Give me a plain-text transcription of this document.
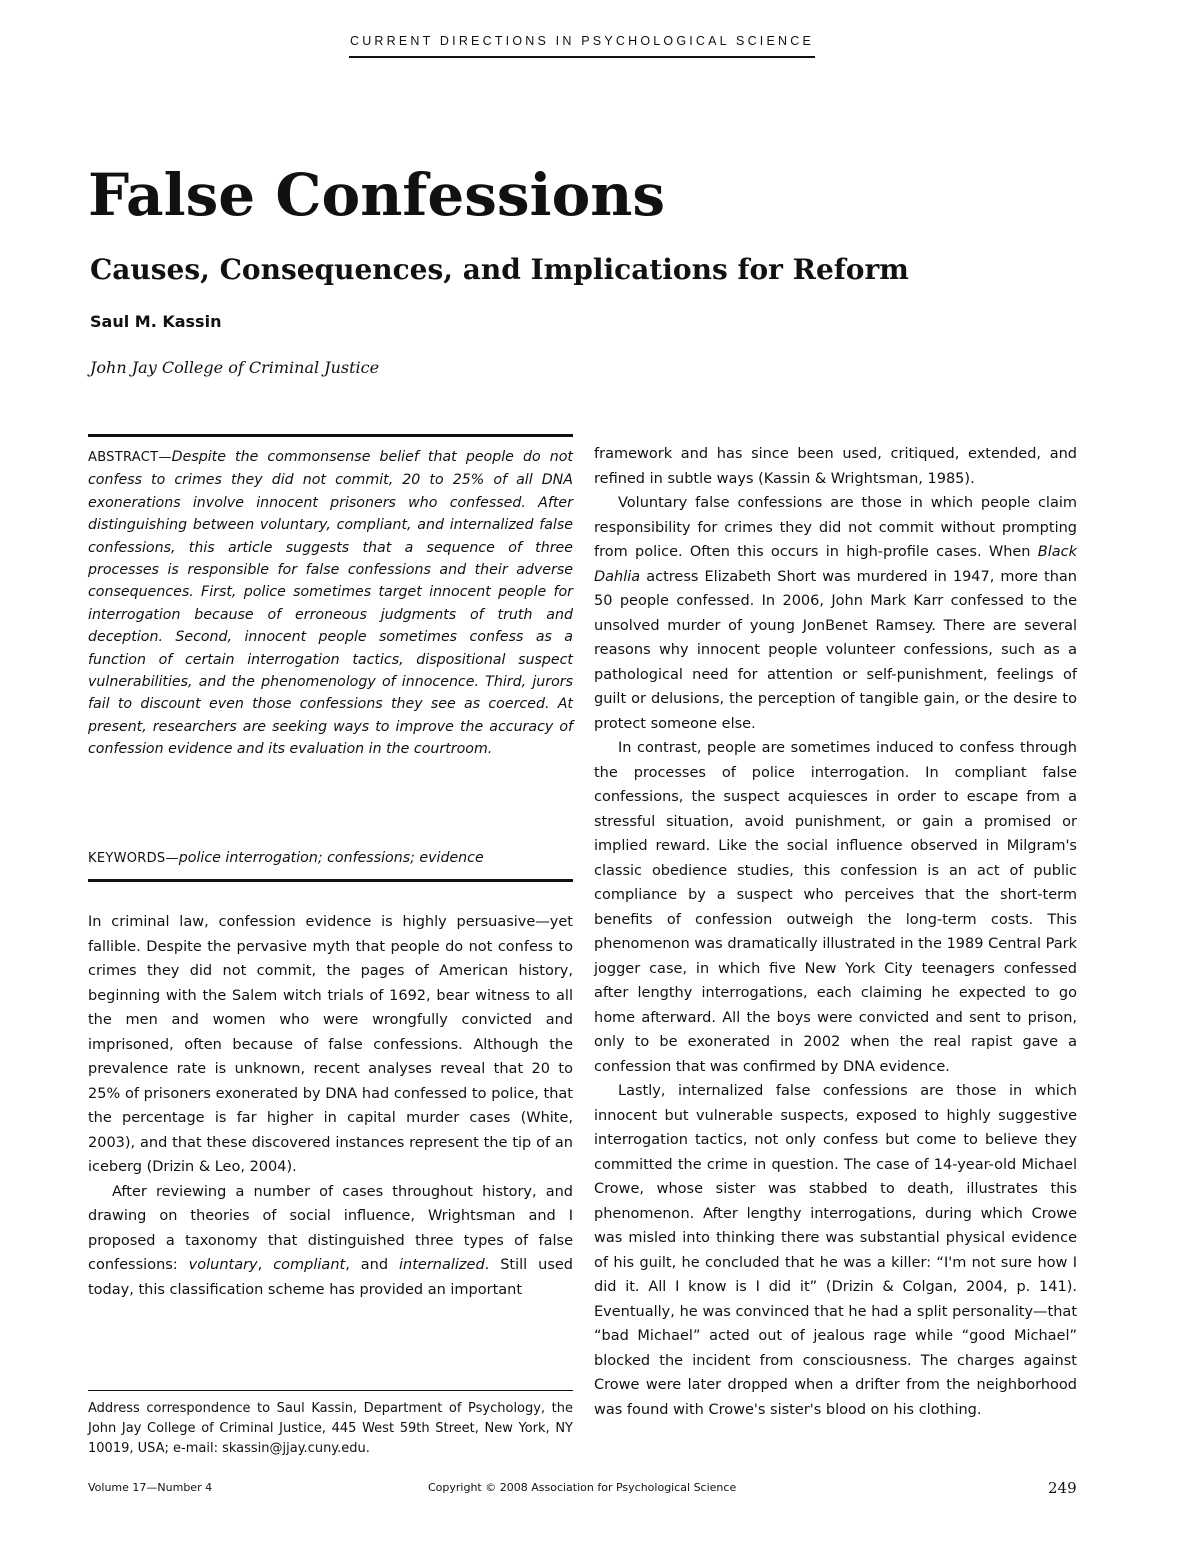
CURRENT DIRECTIONS IN PSYCHOLOGICAL SCIENCE
False Confessions
Causes, Consequences, and Implications for Reform
Saul M. Kassin
John Jay College of Criminal Justice

ABSTRACT—Despite the commonsense belief that people do not confess to crimes they did not commit, 20 to 25% of all DNA exonerations involve innocent prisoners who confessed. After distinguishing between voluntary, compliant, and internalized false confessions, this article suggests that a sequence of three processes is responsible for false confessions and their adverse consequences. First, police sometimes target innocent people for interrogation because of erroneous judgments of truth and deception. Second, innocent people sometimes confess as a function of certain interrogation tactics, dispositional suspect vulnerabilities, and the phenomenology of innocence. Third, jurors fail to discount even those confessions they see as coerced. At present, researchers are seeking ways to improve the accuracy of confession evidence and its evaluation in the courtroom.

KEYWORDS—police interrogation; confessions; evidence

In criminal law, confession evidence is highly persuasive—yet fallible. Despite the pervasive myth that people do not confess to crimes they did not commit, the pages of American history, beginning with the Salem witch trials of 1692, bear witness to all the men and women who were wrongfully convicted and imprisoned, often because of false confessions. Although the prevalence rate is unknown, recent analyses reveal that 20 to 25% of prisoners exonerated by DNA had confessed to police, that the percentage is far higher in capital murder cases (White, 2003), and that these discovered instances represent the tip of an iceberg (Drizin & Leo, 2004).

After reviewing a number of cases throughout history, and drawing on theories of social influence, Wrightsman and I proposed a taxonomy that distinguished three types of false confessions: voluntary, compliant, and internalized. Still used today, this classification scheme has provided an important

framework and has since been used, critiqued, extended, and refined in subtle ways (Kassin & Wrightsman, 1985).

Voluntary false confessions are those in which people claim responsibility for crimes they did not commit without prompting from police. Often this occurs in high-profile cases. When Black Dahlia actress Elizabeth Short was murdered in 1947, more than 50 people confessed. In 2006, John Mark Karr confessed to the unsolved murder of young JonBenet Ramsey. There are several reasons why innocent people volunteer confessions, such as a pathological need for attention or self-punishment, feelings of guilt or delusions, the perception of tangible gain, or the desire to protect someone else.

In contrast, people are sometimes induced to confess through the processes of police interrogation. In compliant false confessions, the suspect acquiesces in order to escape from a stressful situation, avoid punishment, or gain a promised or implied reward. Like the social influence observed in Milgram's classic obedience studies, this confession is an act of public compliance by a suspect who perceives that the short-term benefits of confession outweigh the long-term costs. This phenomenon was dramatically illustrated in the 1989 Central Park jogger case, in which five New York City teenagers confessed after lengthy interrogations, each claiming he expected to go home afterward. All the boys were convicted and sent to prison, only to be exonerated in 2002 when the real rapist gave a confession that was confirmed by DNA evidence.

Lastly, internalized false confessions are those in which innocent but vulnerable suspects, exposed to highly suggestive interrogation tactics, not only confess but come to believe they committed the crime in question. The case of 14-year-old Michael Crowe, whose sister was stabbed to death, illustrates this phenomenon. After lengthy interrogations, during which Crowe was misled into thinking there was substantial physical evidence of his guilt, he concluded that he was a killer: “I'm not sure how I did it. All I know is I did it” (Drizin & Colgan, 2004, p. 141). Eventually, he was convinced that he had a split personality—that “bad Michael” acted out of jealous rage while “good Michael” blocked the incident from consciousness. The charges against Crowe were later dropped when a drifter from the neighborhood was found with Crowe's sister's blood on his clothing.

Address correspondence to Saul Kassin, Department of Psychology, the John Jay College of Criminal Justice, 445 West 59th Street, New York, NY 10019, USA; e-mail: skassin@jjay.cuny.edu.

Volume 17—Number 4	Copyright © 2008 Association for Psychological Science	249
